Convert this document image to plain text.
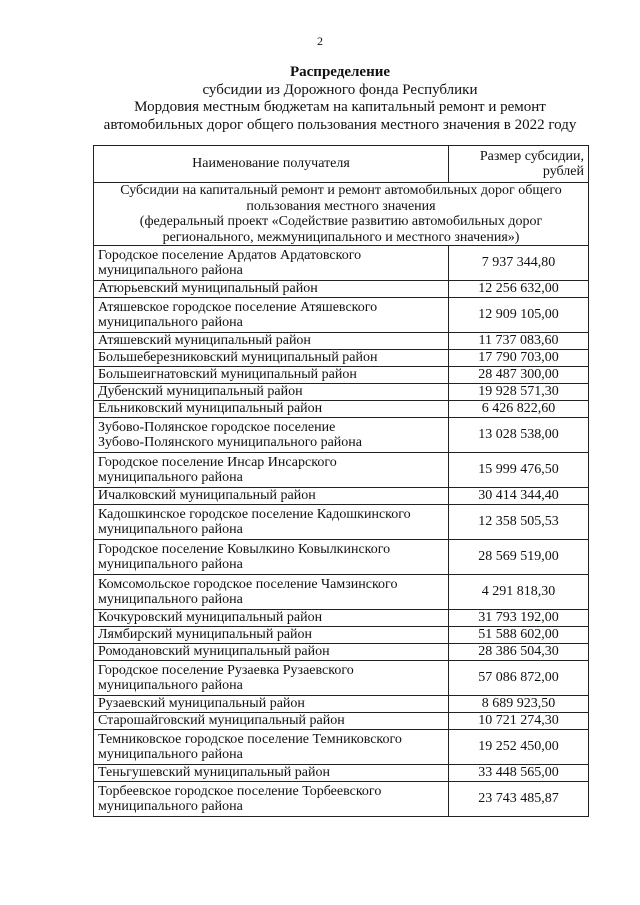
2
Распределение
субсидии из Дорожного фонда Республики
Мордовия местным бюджетам на капитальный ремонт и ремонт
автомобильных дорог общего пользования местного значения в 2022 году
Наименование получателя	Размер субсидии,
рублей

Субсидии на капитальный ремонт и ремонт автомобильных дорог общего
пользования местного значения
(федеральный проект «Содействие развитию автомобильных дорог
регионального, межмуниципального и местного значения»)	

Городское поселение Ардатов Ардатовского
муниципального района	7 937 344,80

Атюрьевский муниципальный район	12 256 632,00

Атяшевское городское поселение Атяшевского
муниципального района	12 909 105,00

Атяшевский муниципальный район	11 737 083,60

Большеберезниковский муниципальный район	17 790 703,00

Большеигнатовский муниципальный район	28 487 300,00

Дубенский муниципальный район	19 928 571,30

Ельниковский муниципальный район	6 426 822,60

Зубово-Полянское городское поселение
Зубово-Полянского муниципального района	13 028 538,00

Городское поселение Инсар Инсарского
муниципального района	15 999 476,50

Ичалковский муниципальный район	30 414 344,40

Кадошкинское городское поселение Кадошкинского
муниципального района	12 358 505,53

Городское поселение Ковылкино Ковылкинского
муниципального района	28 569 519,00

Комсомольское городское поселение Чамзинского
муниципального района	4 291 818,30

Кочкуровский муниципальный район	31 793 192,00

Лямбирский муниципальный район	51 588 602,00

Ромодановский муниципальный район	28 386 504,30

Городское поселение Рузаевка Рузаевского
муниципального района	57 086 872,00

Рузаевский муниципальный район	8 689 923,50

Старошайговский муниципальный район	10 721 274,30

Темниковское городское поселение Темниковского
муниципального района	19 252 450,00

Теньгушевский муниципальный район	33 448 565,00

Торбеевское городское поселение Торбеевского
муниципального района	23 743 485,87
